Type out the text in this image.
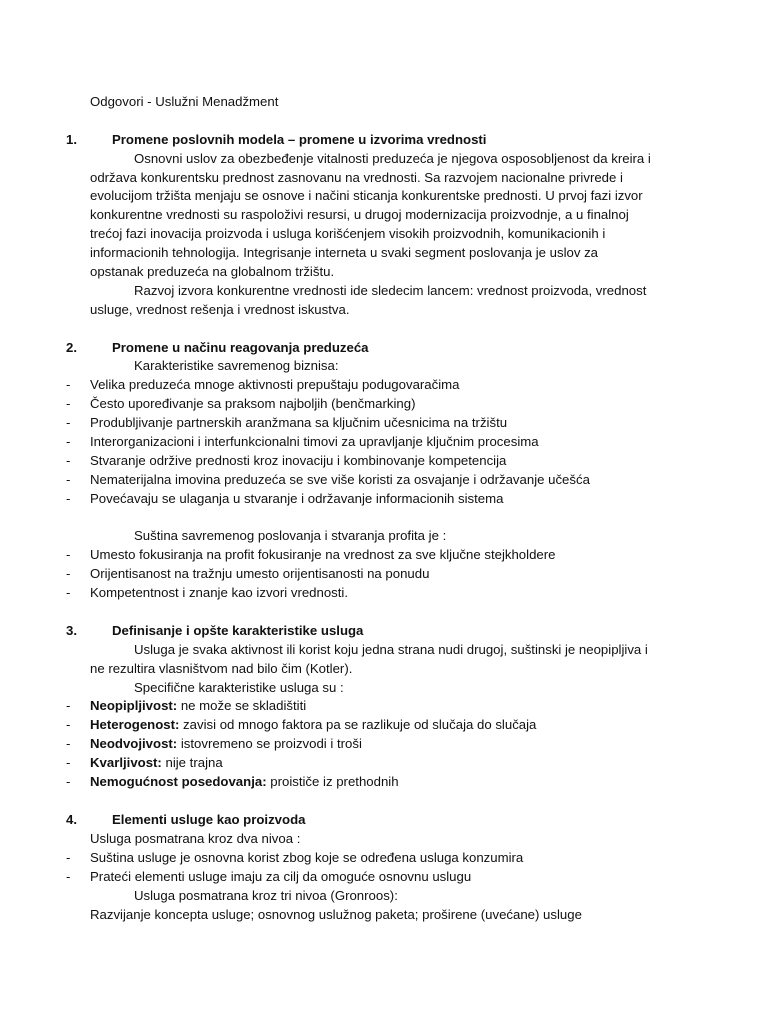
Odgovori - Uslužni Menadžment
1.	Promene poslovnih modela – promene u izvorima vrednosti
Osnovni uslov za obezbeđenje vitalnosti preduzeća je njegova osposobljenost da kreira i
održava konkurentsku prednost zasnovanu na vrednosti. Sa razvojem nacionalne privrede i
evolucijom tržišta menjaju se osnove i načini sticanja konkurentske prednosti. U prvoj fazi izvor
konkurentne vrednosti su raspoloživi resursi, u drugoj modernizacija proizvodnje, a u finalnoj
trećoj fazi inovacija proizvoda i usluga korišćenjem visokih proizvodnih, komunikacionih i
informacionih tehnologija. Integrisanje interneta u svaki segment poslovanja je uslov za
opstanak preduzeća na globalnom tržištu.
Razvoj izvora konkurentne vrednosti ide sledecim lancem: vrednost proizvoda, vrednost
usluge, vrednost rešenja i vrednost iskustva.
2.	Promene u načinu reagovanja preduzeća
Karakteristike savremenog biznisa:
- Velika preduzeća mnoge aktivnosti prepuštaju podugovaračima
- Često upoređivanje sa praksom najboljih (benčmarking)
- Produbljivanje partnerskih aranžmana sa ključnim učesnicima na tržištu
- Interorganizacioni i interfunkcionalni timovi za upravljanje ključnim procesima
- Stvaranje održive prednosti kroz inovaciju i kombinovanje kompetencija
- Nematerijalna imovina preduzeća se sve više koristi za osvajanje i održavanje učešća
- Povećavaju se ulaganja u stvaranje i održavanje informacionih sistema
Suština savremenog poslovanja i stvaranja profita je :
- Umesto fokusiranja na profit fokusiranje na vrednost za sve ključne stejkholdere
- Orijentisanost na tražnju umesto orijentisanosti na ponudu
- Kompetentnost i znanje kao izvori vrednosti.
3.	Definisanje i opšte karakteristike usluga
Usluga je svaka aktivnost ili korist koju jedna strana nudi drugoj, suštinski je neopipljiva i
ne rezultira vlasništvom nad bilo čim (Kotler).
Specifične karakteristike usluga su :
- Neopipljivost: ne može se skladištiti
- Heterogenost: zavisi od mnogo faktora pa se razlikuje od slučaja do slučaja
- Neodvojivost: istovremeno se proizvodi i troši
- Kvarljivost: nije trajna
- Nemogućnost posedovanja: proističe iz prethodnih
4.	Elementi usluge kao proizvoda
Usluga posmatrana kroz dva nivoa :
- Suština usluge je osnovna korist zbog koje se određena usluga konzumira
- Prateći elementi usluge imaju za cilj da omoguće osnovnu uslugu
Usluga posmatrana kroz tri nivoa (Gronroos):
Razvijanje koncepta usluge; osnovnog uslužnog paketa; proširene (uvećane) usluge
